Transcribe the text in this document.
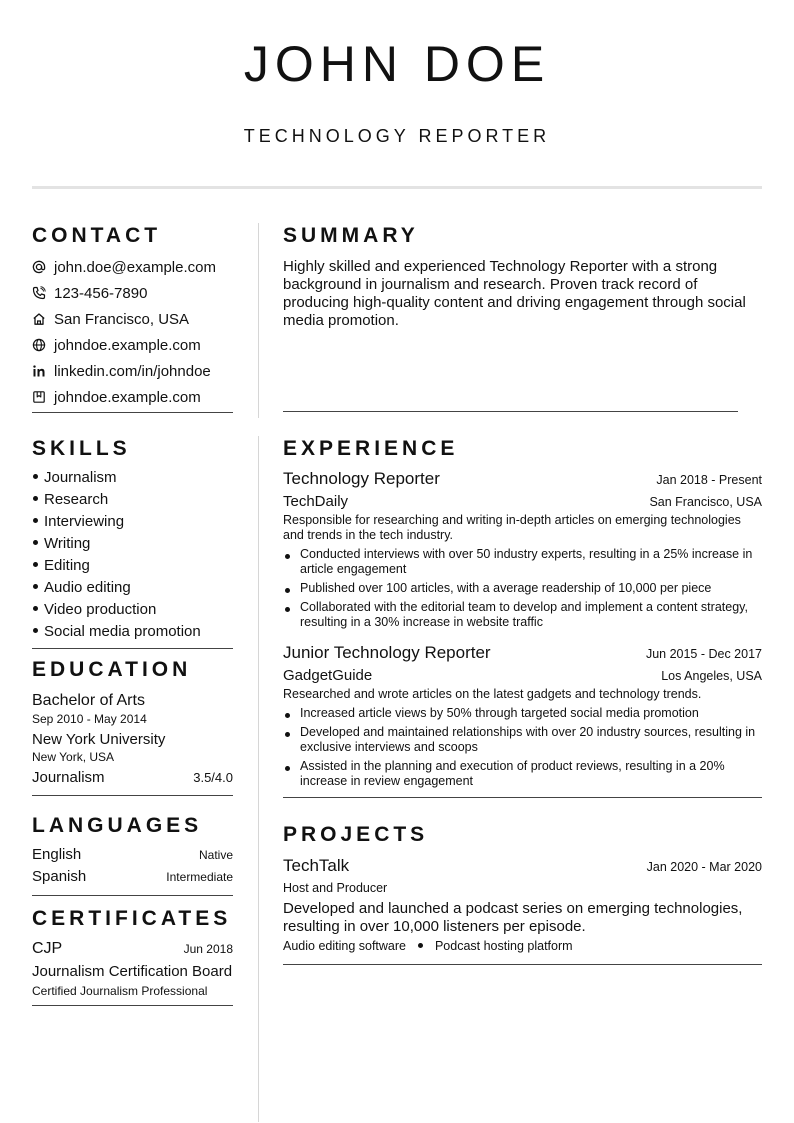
JOHN DOE
TECHNOLOGY REPORTER
CONTACT
john.doe@example.com
123-456-7890
San Francisco, USA
johndoe.example.com
linkedin.com/in/johndoe
johndoe.example.com
SKILLS
Journalism
Research
Interviewing
Writing
Editing
Audio editing
Video production
Social media promotion
EDUCATION
Bachelor of Arts
Sep 2010 - May 2014
New York University
New York, USA
Journalism	3.5/4.0
LANGUAGES
English	Native
Spanish	Intermediate
CERTIFICATES
CJP	Jun 2018
Journalism Certification Board
Certified Journalism Professional
SUMMARY
Highly skilled and experienced Technology Reporter with a strong background in journalism and research. Proven track record of producing high-quality content and driving engagement through social media promotion.
EXPERIENCE
Technology Reporter	Jan 2018 - Present
TechDaily	San Francisco, USA
Responsible for researching and writing in-depth articles on emerging technologies and trends in the tech industry.
Conducted interviews with over 50 industry experts, resulting in a 25% increase in article engagement
Published over 100 articles, with a average readership of 10,000 per piece
Collaborated with the editorial team to develop and implement a content strategy, resulting in a 30% increase in website traffic
Junior Technology Reporter	Jun 2015 - Dec 2017
GadgetGuide	Los Angeles, USA
Researched and wrote articles on the latest gadgets and technology trends.
Increased article views by 50% through targeted social media promotion
Developed and maintained relationships with over 20 industry sources, resulting in exclusive interviews and scoops
Assisted in the planning and execution of product reviews, resulting in a 20% increase in review engagement
PROJECTS
TechTalk	Jan 2020 - Mar 2020
Host and Producer
Developed and launched a podcast series on emerging technologies, resulting in over 10,000 listeners per episode.
Audio editing software Podcast hosting platform
